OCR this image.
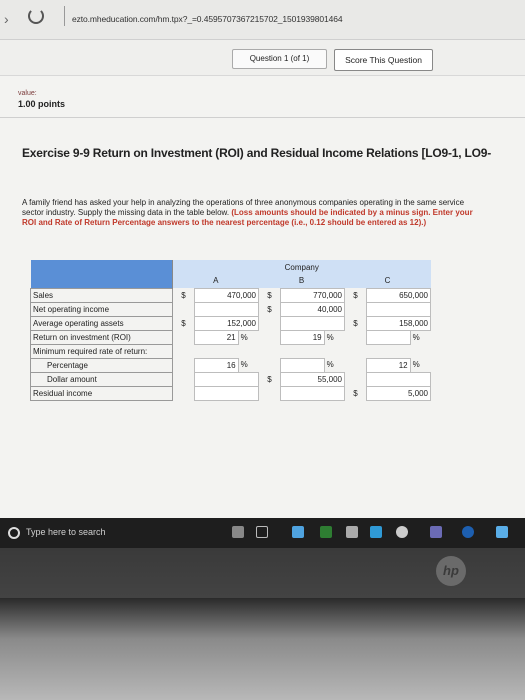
›	ezto.mheducation.com/hm.tpx?_=0.4595707367215702_1501939801464
Question 1 (of 1)	Score This Question
value:
1.00 points
Exercise 9-9 Return on Investment (ROI) and Residual Income Relations [LO9-1, LO9-
A family friend has asked your help in analyzing the operations of three anonymous companies operating in the same service sector industry. Supply the missing data in the table below. (Loss amounts should be indicated by a minus sign. Enter your ROI and Rate of Return Percentage answers to the nearest percentage (i.e., 0.12 should be entered as 12).)
	Company								
	A			B			C		
Sales	$	470,000		$	770,000		$	650,000	
Net operating income				$	40,000				
Average operating assets	$	152,000					$	158,000	
Return on investment (ROI)		21	%		19	%			%
Minimum required rate of return:									
Percentage		16	%			%		12	%
Dollar amount				$	55,000				
Residual income							$	5,000	
Type here to search
hp
